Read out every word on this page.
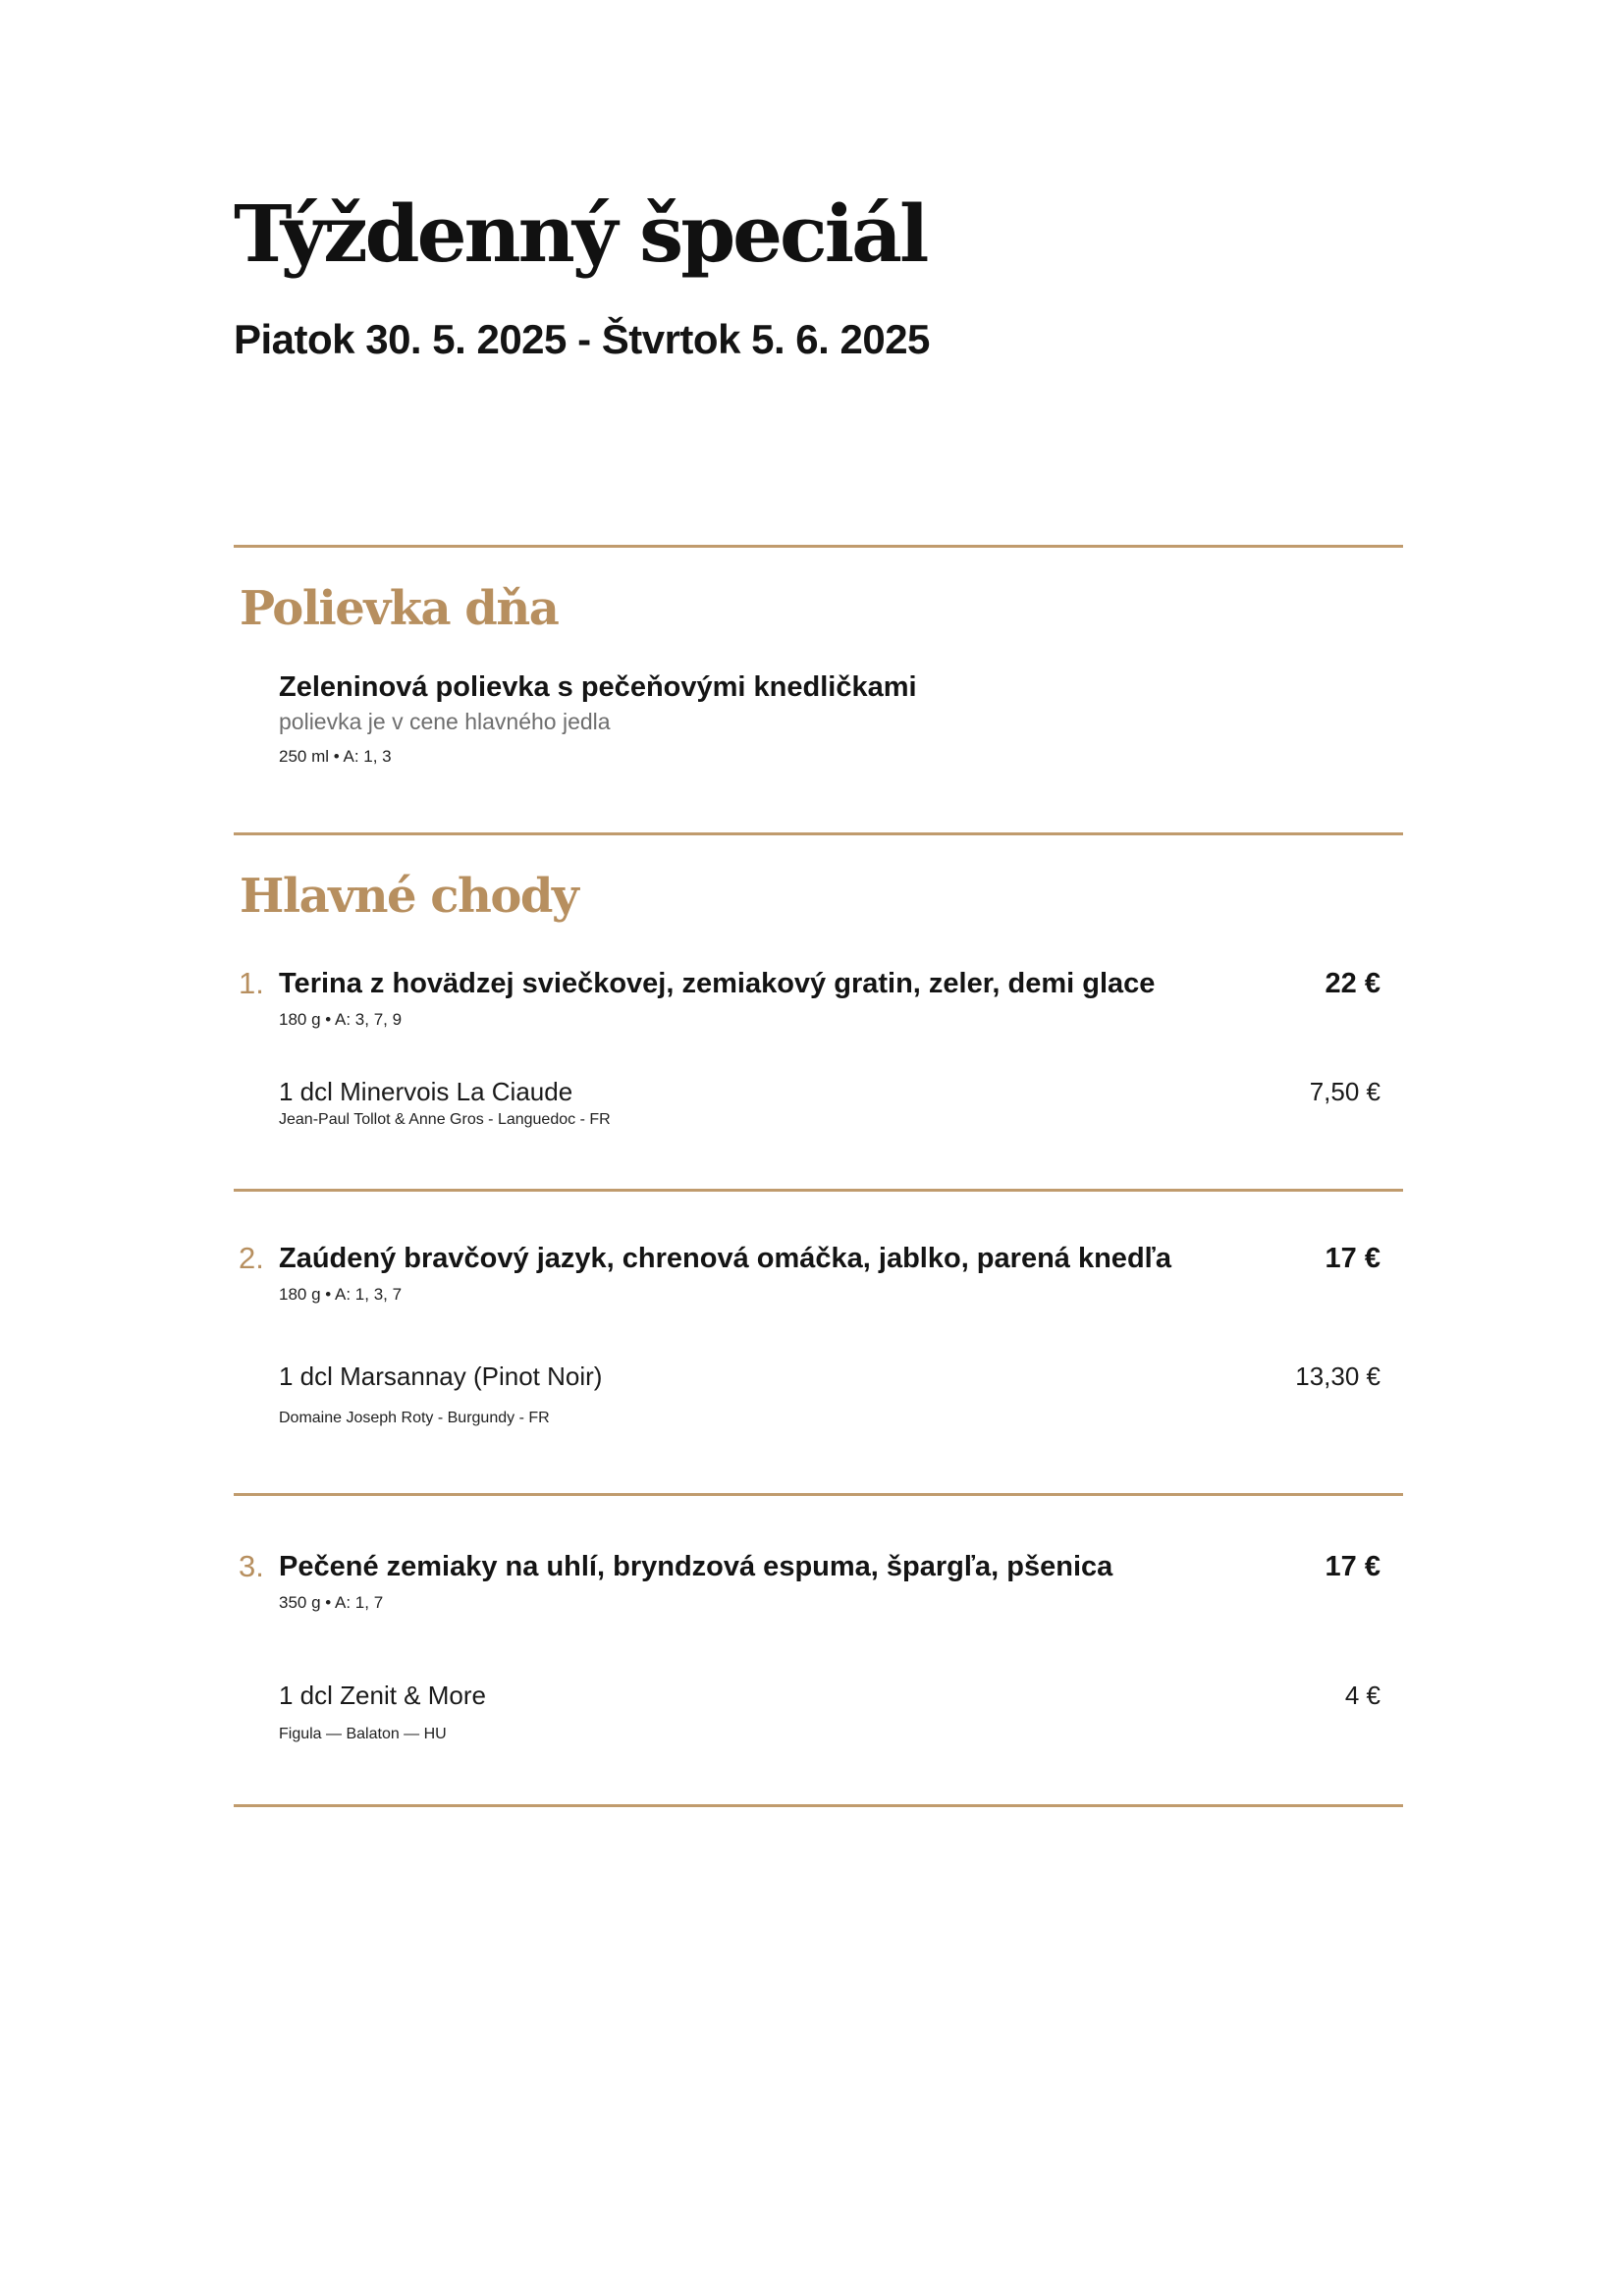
Týždenný špeciál
Piatok 30. 5. 2025 - Štvrtok 5. 6. 2025
Polievka dňa
Zeleninová polievka s pečeňovými knedličkami
polievka je v cene hlavného jedla
250 ml • A: 1, 3
Hlavné chody
1. Terina z hovädzej sviečkovej, zemiakový gratin, zeler, demi glace	22 €
180 g • A: 3, 7, 9
1 dcl Minervois La Ciaude	7,50 €
Jean-Paul Tollot & Anne Gros - Languedoc - FR
2. Zaúdený bravčový jazyk, chrenová omáčka, jablko, parená knedľa	17 €
180 g • A: 1, 3, 7
1 dcl Marsannay (Pinot Noir)	13,30 €
Domaine Joseph Roty - Burgundy - FR
3. Pečené zemiaky na uhlí, bryndzová espuma, špargľa, pšenica	17 €
350 g • A: 1, 7
1 dcl Zenit & More	4 €
Figula — Balaton — HU
